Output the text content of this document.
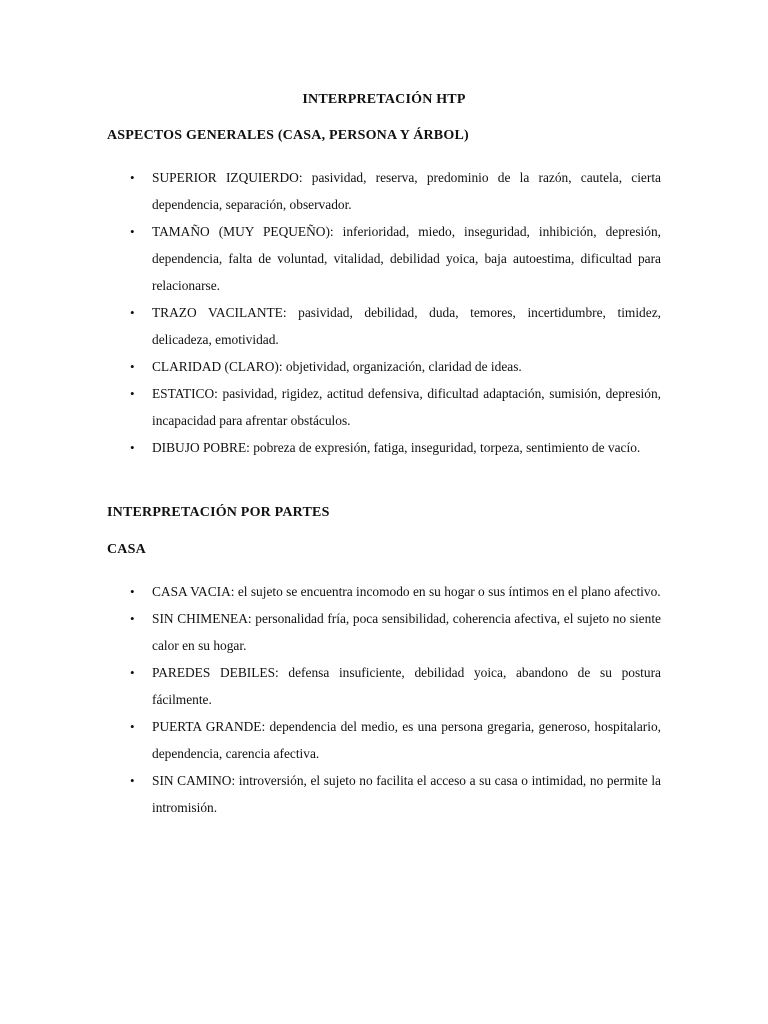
INTERPRETACIÓN HTP
ASPECTOS GENERALES (CASA, PERSONA Y ÁRBOL)
•	SUPERIOR IZQUIERDO: pasividad, reserva, predominio de la razón, cautela, cierta dependencia, separación, observador.
•	TAMAÑO (MUY PEQUEÑO): inferioridad, miedo, inseguridad, inhibición, depresión, dependencia, falta de voluntad, vitalidad, debilidad yoica, baja autoestima, dificultad para relacionarse.
•	TRAZO VACILANTE: pasividad, debilidad, duda, temores, incertidumbre, timidez, delicadeza, emotividad.
•	CLARIDAD (CLARO): objetividad, organización, claridad de ideas.
•	ESTATICO: pasividad, rigidez, actitud defensiva, dificultad adaptación, sumisión, depresión, incapacidad para afrentar obstáculos.
•	DIBUJO POBRE: pobreza de expresión, fatiga, inseguridad, torpeza, sentimiento de vacío.
INTERPRETACIÓN POR PARTES
CASA
•	CASA VACIA: el sujeto se encuentra incomodo en su hogar o sus íntimos en el plano afectivo.
•	SIN CHIMENEA: personalidad fría, poca sensibilidad, coherencia afectiva, el sujeto no siente calor en su hogar.
•	PAREDES DEBILES: defensa insuficiente, debilidad yoica, abandono de su postura fácilmente.
•	PUERTA GRANDE: dependencia del medio, es una persona gregaria, generoso, hospitalario, dependencia, carencia afectiva.
•	SIN CAMINO: introversión, el sujeto no facilita el acceso a su casa o intimidad, no permite la intromisión.
